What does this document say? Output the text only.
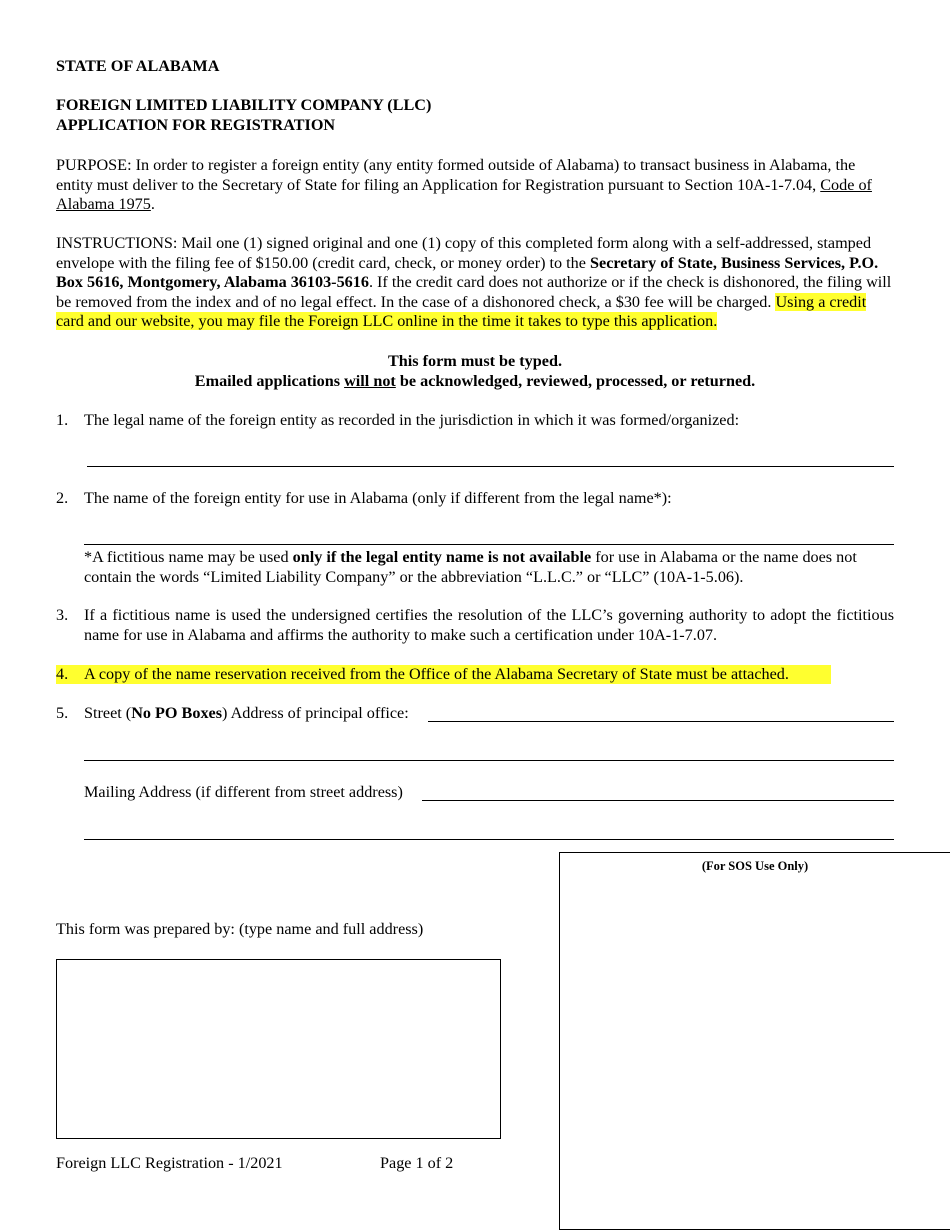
STATE OF ALABAMA
FOREIGN LIMITED LIABILITY COMPANY (LLC)
APPLICATION FOR REGISTRATION
PURPOSE: In order to register a foreign entity (any entity formed outside of Alabama) to transact business in Alabama, the entity must deliver to the Secretary of State for filing an Application for Registration pursuant to Section 10A-1-7.04, Code of Alabama 1975.
INSTRUCTIONS: Mail one (1) signed original and one (1) copy of this completed form along with a self-addressed, stamped envelope with the filing fee of $150.00 (credit card, check, or money order) to the Secretary of State, Business Services, P.O. Box 5616, Montgomery, Alabama 36103-5616. If the credit card does not authorize or if the check is dishonored, the filing will be removed from the index and of no legal effect. In the case of a dishonored check, a $30 fee will be charged. Using a credit card and our website, you may file the Foreign LLC online in the time it takes to type this application.
This form must be typed.
Emailed applications will not be acknowledged, reviewed, processed, or returned.
1. The legal name of the foreign entity as recorded in the jurisdiction in which it was formed/organized:
2. The name of the foreign entity for use in Alabama (only if different from the legal name*):
*A fictitious name may be used only if the legal entity name is not available for use in Alabama or the name does not contain the words “Limited Liability Company” or the abbreviation “L.L.C.” or “LLC” (10A-1-5.06).
3. If a fictitious name is used the undersigned certifies the resolution of the LLC’s governing authority to adopt the fictitious name for use in Alabama and affirms the authority to make such a certification under 10A-1-7.07.
4. A copy of the name reservation received from the Office of the Alabama Secretary of State must be attached.
5. Street (No PO Boxes) Address of principal office:
Mailing Address (if different from street address)
This form was prepared by: (type name and full address)
(For SOS Use Only)
Foreign LLC Registration - 1/2021	Page 1 of 2
